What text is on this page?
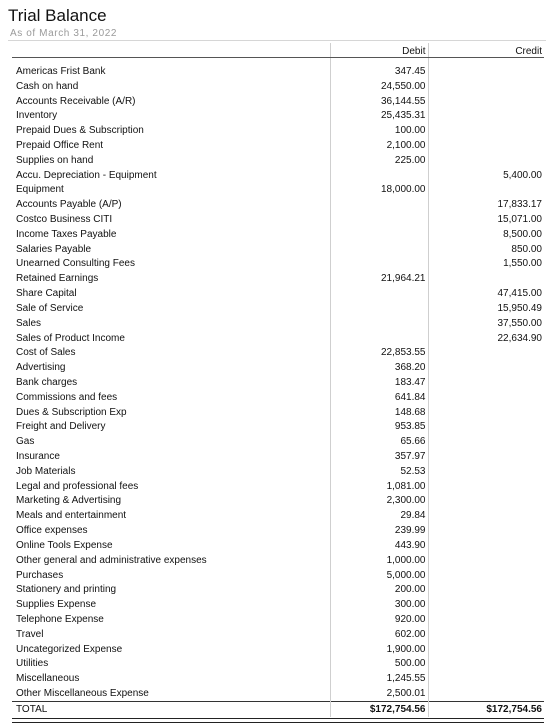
Trial Balance
As of March 31, 2022
	Debit	Credit

Americas Frist Bank	347.45	
Cash on hand	24,550.00	
Accounts Receivable (A/R)	36,144.55	
Inventory	25,435.31	
Prepaid Dues & Subscription	100.00	
Prepaid Office Rent	2,100.00	
Supplies on hand	225.00	
Accu. Depreciation - Equipment		5,400.00
Equipment	18,000.00	
Accounts Payable (A/P)		17,833.17
Costco Business CITI		15,071.00
Income Taxes Payable		8,500.00
Salaries Payable		850.00
Unearned Consulting Fees		1,550.00
Retained Earnings	21,964.21	
Share Capital		47,415.00
Sale of Service		15,950.49
Sales		37,550.00
Sales of Product Income		22,634.90
Cost of Sales	22,853.55	
Advertising	368.20	
Bank charges	183.47	
Commissions and fees	641.84	
Dues & Subscription Exp	148.68	
Freight and Delivery	953.85	
Gas	65.66	
Insurance	357.97	
Job Materials	52.53	
Legal and professional fees	1,081.00	
Marketing & Advertising	2,300.00	
Meals and entertainment	29.84	
Office expenses	239.99	
Online Tools Expense	443.90	
Other general and administrative expenses	1,000.00	
Purchases	5,000.00	
Stationery and printing	200.00	
Supplies Expense	300.00	
Telephone Expense	920.00	
Travel	602.00	
Uncategorized Expense	1,900.00	
Utilities	500.00	
Miscellaneous	1,245.55	
Other Miscellaneous Expense	2,500.01	
TOTAL	$172,754.56	$172,754.56
